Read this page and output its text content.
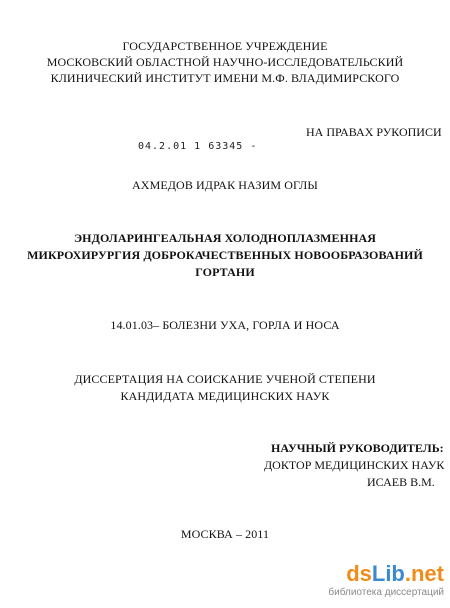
ГОСУДАРСТВЕННОЕ УЧРЕЖДЕНИЕ
МОСКОВСКИЙ ОБЛАСТНОЙ НАУЧНО-ИССЛЕДОВАТЕЛЬСКИЙ
КЛИНИЧЕСКИЙ ИНСТИТУТ ИМЕНИ М.Ф. ВЛАДИМИРСКОГО
НА ПРАВАХ РУКОПИСИ
04.2.01 1 63345 -
АХМЕДОВ ИДРАК НАЗИМ ОГЛЫ
ЭНДОЛАРИНГЕАЛЬНАЯ ХОЛОДНОПЛАЗМЕННАЯ
МИКРОХИРУРГИЯ ДОБРОКАЧЕСТВЕННЫХ НОВООБРАЗОВАНИЙ
ГОРТАНИ
14.01.03– БОЛЕЗНИ УХА, ГОРЛА И НОСА
ДИССЕРТАЦИЯ НА СОИСКАНИЕ УЧЕНОЙ СТЕПЕНИ
КАНДИДАТА МЕДИЦИНСКИХ НАУК
НАУЧНЫЙ РУКОВОДИТЕЛЬ:
ДОКТОР МЕДИЦИНСКИХ НАУК
ИСАЕВ В.М.
МОСКВА – 2011
dsLib.net
библиотека диссертаций
